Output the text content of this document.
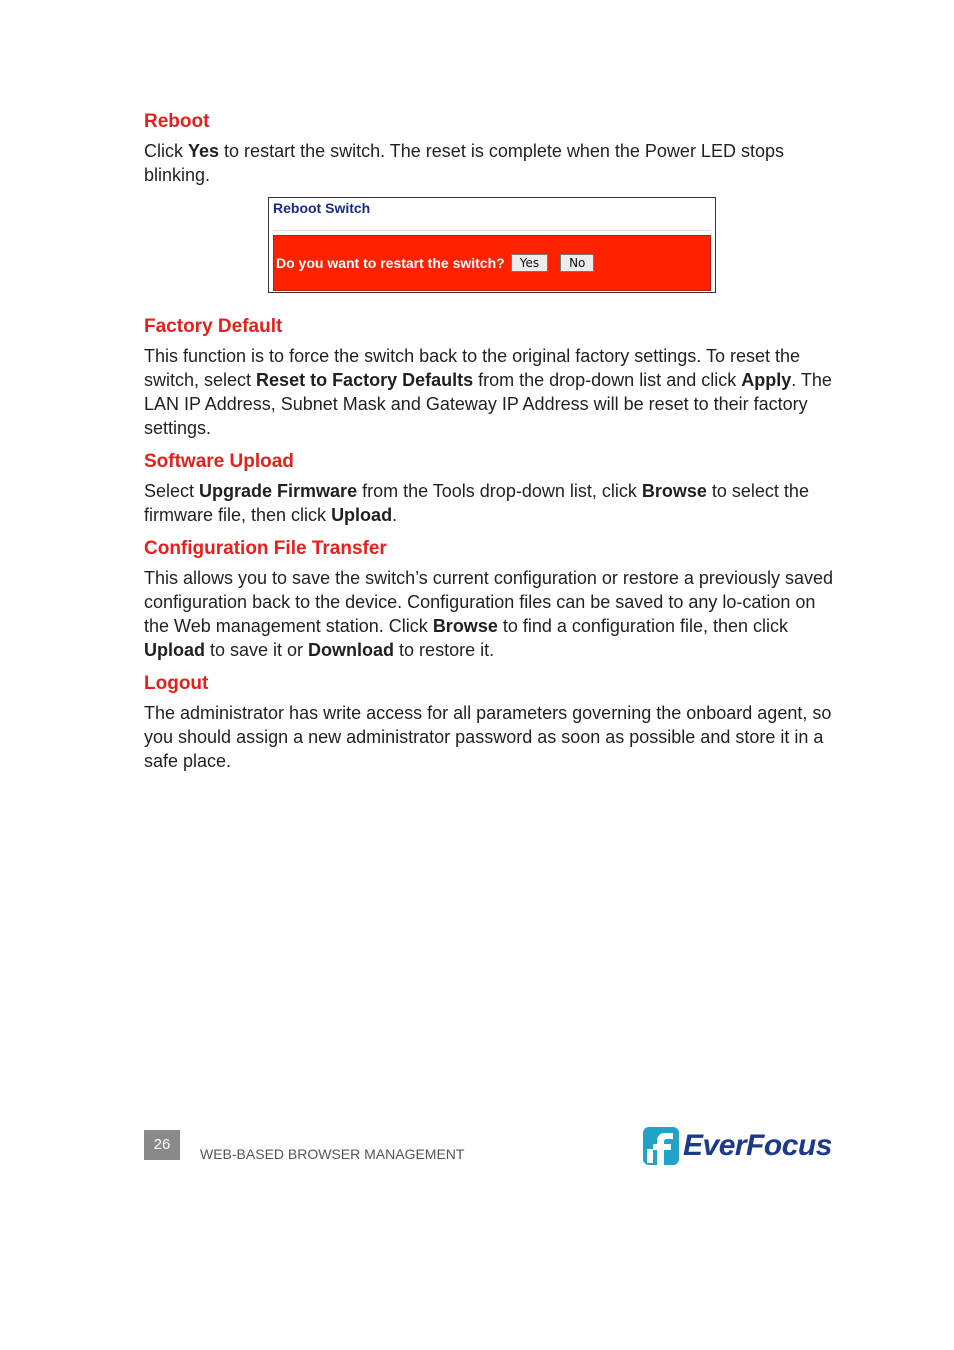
Reboot

Click Yes to restart the switch. The reset is complete when the Power LED stops blinking.

Reboot Switch
Do you want to restart the switch?	Yes	No
Factory Default

This function is to force the switch back to the original factory settings. To reset the switch, select Reset to Factory Defaults from the drop-down list and click Apply. The LAN IP Address, Subnet Mask and Gateway IP Address will be reset to their factory settings.

Software Upload

Select Upgrade Firmware from the Tools drop-down list, click Browse to select the firmware file, then click Upload.

Configuration File Transfer

This allows you to save the switch’s current configuration or restore a previously saved configuration back to the device. Configuration files can be saved to any lo-cation on the Web management station. Click Browse to find a configuration file, then click Upload to save it or Download to restore it.

Logout

The administrator has write access for all parameters governing the onboard agent, so you should assign a new administrator password as soon as possible and store it in a safe place.

26
WEB-BASED BROWSER MANAGEMENT	EverFocus
